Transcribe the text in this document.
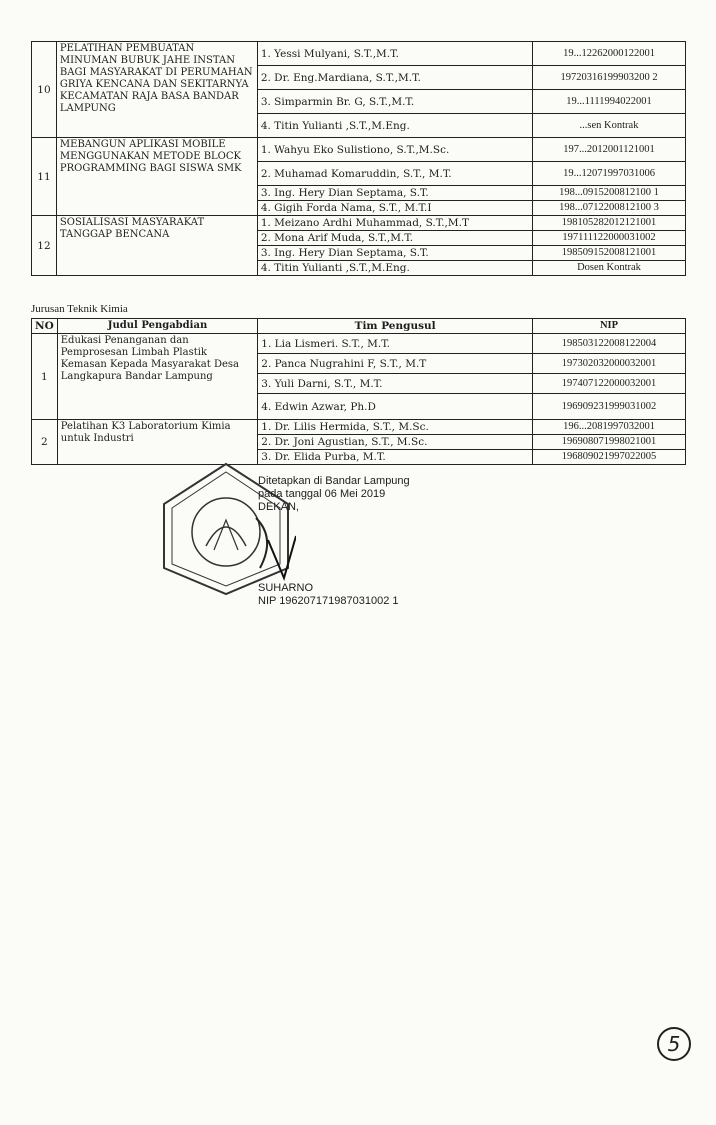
10	PELATIHAN PEMBUATAN MINUMAN BUBUK JAHE INSTAN BAGI MASYARAKAT DI PERUMAHAN GRIYA KENCANA DAN SEKITARNYA KECAMATAN RAJA BASA BANDAR LAMPUNG	1. Yessi Mulyani, S.T.,M.T.	19...12262000122001
		2. Dr. Eng.Mardiana, S.T.,M.T.	19720316199903200 2
		3. Simparmin Br. G, S.T.,M.T.	19...1111994022001
		4. Titin Yulianti ,S.T.,M.Eng.	...sen Kontrak
11	MEBANGUN APLIKASI MOBILE MENGGUNAKAN METODE BLOCK PROGRAMMING BAGI SISWA SMK	1. Wahyu Eko Sulistiono, S.T.,M.Sc.	197...2012001121001
		2. Muhamad Komaruddin, S.T., M.T.	19...12071997031006
		3. Ing. Hery Dian Septama, S.T.	198...0915200812100 1
		4. Gigih Forda Nama, S.T., M.T.I	198...0712200812100 3
12	SOSIALISASI MASYARAKAT TANGGAP BENCANA	1. Meizano Ardhi Muhammad, S.T.,M.T	198105282012121001
		2. Mona Arif Muda, S.T.,M.T.	197111122000031002
		3. Ing. Hery Dian Septama, S.T.	198509152008121001
		4. Titin Yulianti ,S.T.,M.Eng.	Dosen Kontrak
Jurusan Teknik Kimia
NO	Judul Pengabdian	Tim Pengusul	NIP
1	Edukasi Penanganan dan Pemprosesan Limbah Plastik Kemasan Kepada Masyarakat Desa Langkapura Bandar Lampung	1. Lia Lismeri. S.T., M.T.	198503122008122004
		2. Panca Nugrahini F, S.T., M.T	197302032000032001
		3. Yuli Darni, S.T., M.T.	197407122000032001
		4. Edwin Azwar, Ph.D	196909231999031002
2	Pelatihan K3 Laboratorium Kimia untuk Industri	1. Dr. Lilis Hermida, S.T., M.Sc.	196...2081997032001
		2. Dr. Joni Agustian, S.T., M.Sc.	196908071998021001
		3. Dr. Elida Purba, M.T.	196809021997022005
Ditetapkan di Bandar Lampung
pada tanggal 06 Mei 2019
DEKAN,
SUHARNO
NIP 196207171987031002 1
5
